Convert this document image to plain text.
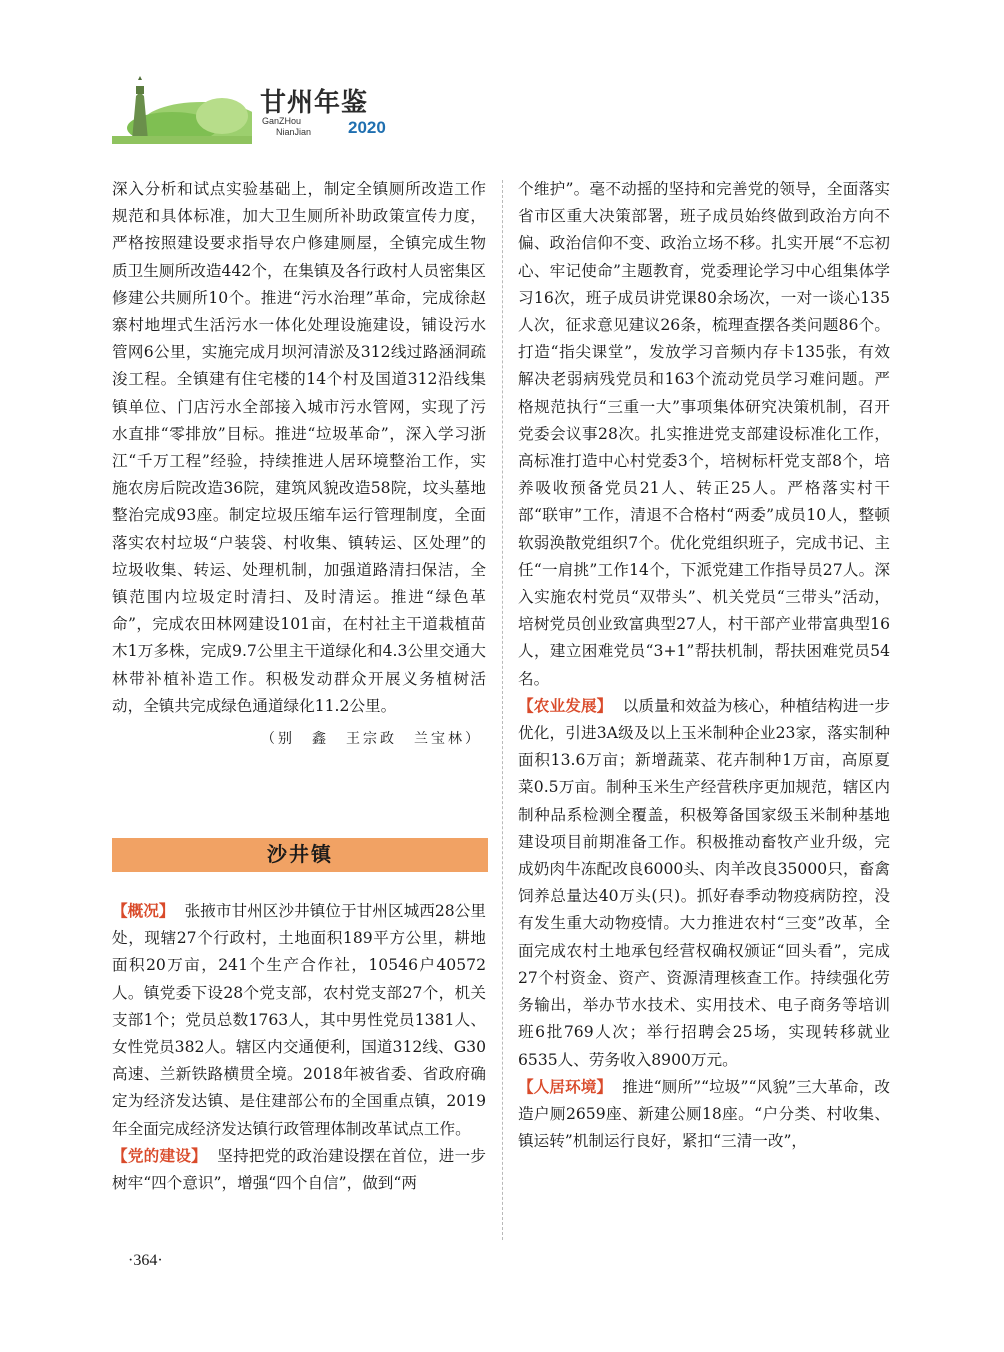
甘州年鉴
GanZHou
NianJian 2020

深入分析和试点实验基础上，制定全镇厕所改造工作规范和具体标准，加大卫生厕所补助政策宣传力度，严格按照建设要求指导农户修建厕屋，全镇完成生物质卫生厕所改造442个，在集镇及各行政村人员密集区修建公共厕所10个。推进“污水治理”革命，完成徐赵寨村地埋式生活污水一体化处理设施建设，铺设污水管网6公里，实施完成月坝河清淤及312线过路涵洞疏浚工程。全镇建有住宅楼的14个村及国道312沿线集镇单位、门店污水全部接入城市污水管网，实现了污水直排“零排放”目标。推进“垃圾革命”，深入学习浙江“千万工程”经验，持续推进人居环境整治工作，实施农房后院改造36院，建筑风貌改造58院，坟头墓地整治完成93座。制定垃圾压缩车运行管理制度，全面落实农村垃圾“户装袋、村收集、镇转运、区处理”的垃圾收集、转运、处理机制，加强道路清扫保洁，全镇范围内垃圾定时清扫、及时清运。推进“绿色革命”，完成农田林网建设101亩，在村社主干道栽植苗木1万多株，完成9.7公里主干道绿化和4.3公里交通大林带补植补造工作。积极发动群众开展义务植树活动，全镇共完成绿色通道绿化11.2公里。

（别　鑫　王宗政　兰宝林）
沙井镇

【概况】 张掖市甘州区沙井镇位于甘州区城西28公里处，现辖27个行政村，土地面积189平方公里，耕地面积20万亩，241个生产合作社，10546户40572人。镇党委下设28个党支部，农村党支部27个，机关支部1个；党员总数1763人，其中男性党员1381人、女性党员382人。辖区内交通便利，国道312线、G30高速、兰新铁路横贯全境。2018年被省委、省政府确定为经济发达镇、是住建部公布的全国重点镇，2019年全面完成经济发达镇行政管理体制改革试点工作。

【党的建设】 坚持把党的政治建设摆在首位，进一步树牢“四个意识”，增强“四个自信”，做到“两

个维护”。毫不动摇的坚持和完善党的领导，全面落实省市区重大决策部署，班子成员始终做到政治方向不偏、政治信仰不变、政治立场不移。扎实开展“不忘初心、牢记使命”主题教育，党委理论学习中心组集体学习16次，班子成员讲党课80余场次，一对一谈心135人次，征求意见建议26条，梳理查摆各类问题86个。打造“指尖课堂”，发放学习音频内存卡135张，有效解决老弱病残党员和163个流动党员学习难问题。严格规范执行“三重一大”事项集体研究决策机制，召开党委会议事28次。扎实推进党支部建设标准化工作，高标准打造中心村党委3个，培树标杆党支部8个，培养吸收预备党员21人、转正25人。严格落实村干部“联审”工作，清退不合格村“两委”成员10人，整顿软弱涣散党组织7个。优化党组织班子，完成书记、主任“一肩挑”工作14个，下派党建工作指导员27人。深入实施农村党员“双带头”、机关党员“三带头”活动，培树党员创业致富典型27人，村干部产业带富典型16人，建立困难党员“3+1”帮扶机制，帮扶困难党员54名。

【农业发展】 以质量和效益为核心，种植结构进一步优化，引进3A级及以上玉米制种企业23家，落实制种面积13.6万亩；新增蔬菜、花卉制种1万亩，高原夏菜0.5万亩。制种玉米生产经营秩序更加规范，辖区内制种品系检测全覆盖，积极筹备国家级玉米制种基地建设项目前期准备工作。积极推动畜牧产业升级，完成奶肉牛冻配改良6000头、肉羊改良35000只，畜禽饲养总量达40万头(只)。抓好春季动物疫病防控，没有发生重大动物疫情。大力推进农村“三变”改革，全面完成农村土地承包经营权确权颁证“回头看”，完成27个村资金、资产、资源清理核查工作。持续强化劳务输出，举办节水技术、实用技术、电子商务等培训班6批769人次；举行招聘会25场，实现转移就业6535人、劳务收入8900万元。

【人居环境】 推进“厕所”“垃圾”“风貌”三大革命，改造户厕2659座、新建公厕18座。“户分类、村收集、镇运转”机制运行良好，紧扣“三清一改”，

·364·
